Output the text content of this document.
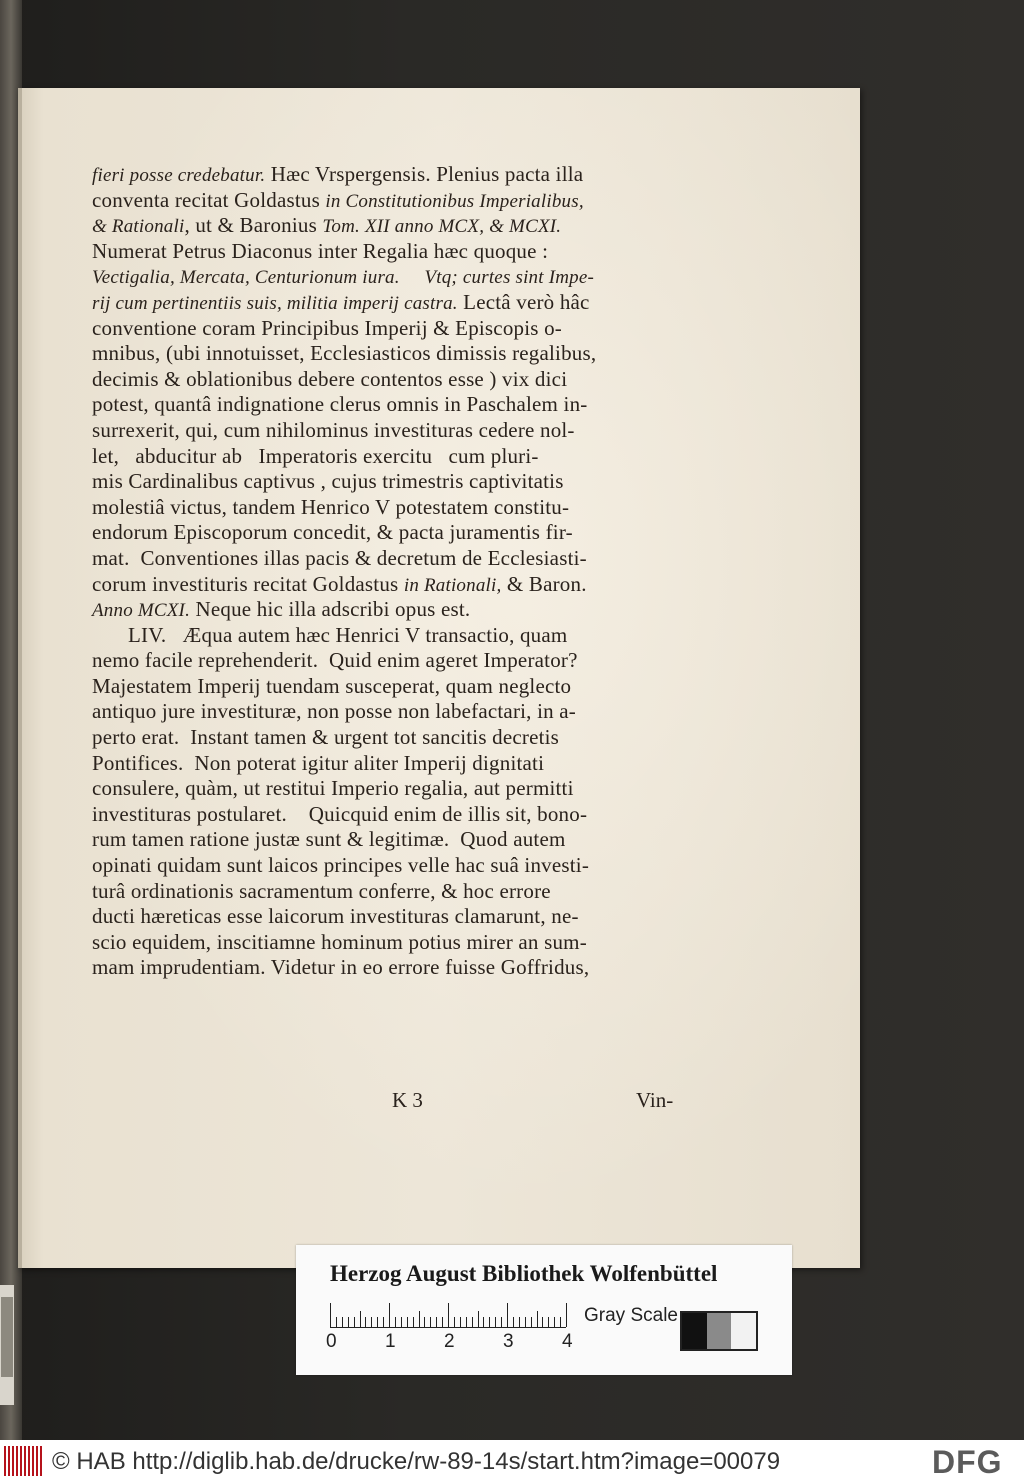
fieri posse credebatur. Hæc Vrspergensis. Plenius pacta illa
conventa recitat Goldastus in Constitutionibus Imperialibus,
& Rationali, ut & Baronius Tom. XII anno MCX, & MCXI.
Numerat Petrus Diaconus inter Regalia hæc quoque :
Vectigalia, Mercata, Centurionum iura.     Vtq; curtes sint Impe-
rij cum pertinentiis suis, militia imperij castra. Lectâ verò hâc
conventione coram Principibus Imperij & Episcopis o-
mnibus, (ubi innotuisset, Ecclesiasticos dimissis regalibus,
decimis & oblationibus debere contentos esse ) vix dici
potest, quantâ indignatione clerus omnis in Paschalem in-
surrexerit, qui, cum nihilominus investituras cedere nol-
let,   abducitur ab   Imperatoris exercitu   cum pluri-
mis Cardinalibus captivus , cujus trimestris captivitatis
molestiâ victus, tandem Henrico V potestatem constitu-
endorum Episcoporum concedit, & pacta juramentis fir-
mat.  Conventiones illas pacis & decretum de Ecclesiasti-
corum investituris recitat Goldastus in Rationali, & Baron.
Anno MCXI. Neque hic illa adscribi opus est.
LIV.   Æqua autem hæc Henrici V transactio, quam
nemo facile reprehenderit.  Quid enim ageret Imperator?
Majestatem Imperij tuendam susceperat, quam neglecto
antiquo jure investituræ, non posse non labefactari, in a-
perto erat.  Instant tamen & urgent tot sancitis decretis
Pontifices.  Non poterat igitur aliter Imperij dignitati
consulere, quàm, ut restitui Imperio regalia, aut permitti
investituras postularet.    Quicquid enim de illis sit, bono-
rum tamen ratione justæ sunt & legitimæ.  Quod autem
opinati quidam sunt laicos principes velle hac suâ investi-
turâ ordinationis sacramentum conferre, & hoc errore
ducti hæreticas esse laicorum investituras clamarunt, ne-
scio equidem, inscitiamne hominum potius mirer an sum-
mam imprudentiam. Videtur in eo errore fuisse Goffridus,
K 3	Vin-
Herzog August Bibliothek Wolfenbüttel
0	1	2	3	4
Gray Scale
© HAB http://diglib.hab.de/drucke/rw-89-14s/start.htm?image=00079	DFG
